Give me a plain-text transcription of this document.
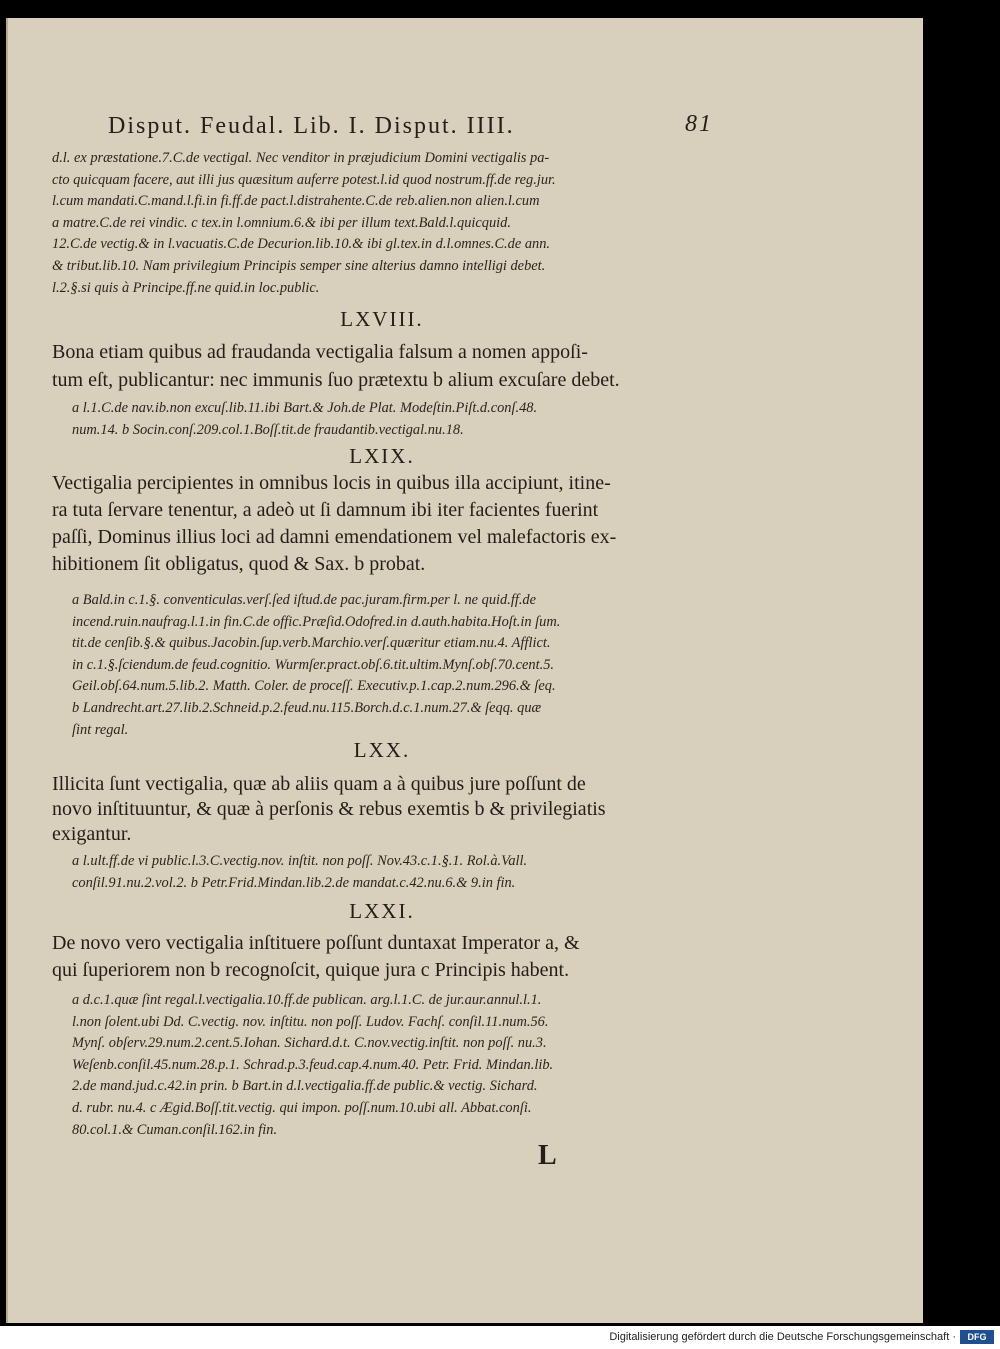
Disput. Feudal. Lib. I. Disput. IIII.	81
d.l. ex præstatione.7.C.de vectigal. Nec venditor in præjudicium Domini vectigalis pa-
cto quicquam facere, aut illi jus quæsitum auferre potest.l.id quod nostrum.ff.de reg.jur.
l.cum mandati.C.mand.l.fi.in fi.ff.de pact.l.distrahente.C.de reb.alien.non alien.l.cum
a matre.C.de rei vindic. c tex.in l.omnium.6.& ibi per illum text.Bald.l.quicquid.
12.C.de vectig.& in l.vacuatis.C.de Decurion.lib.10.& ibi gl.tex.in d.l.omnes.C.de ann.
& tribut.lib.10. Nam privilegium Principis semper sine alterius damno intelligi debet.
l.2.§.si quis à Principe.ff.ne quid.in loc.public.
LXVIII.
Bona etiam quibus ad fraudanda vectigalia falsum a nomen appoſi-
tum eſt, publicantur: nec immunis ſuo prætextu b alium excuſare debet.
a l.1.C.de nav.ib.non excuſ.lib.11.ibi Bart.& Joh.de Plat. Modeſtin.Piſt.d.conſ.48.
num.14. b Socin.conſ.209.col.1.Boſſ.tit.de fraudantib.vectigal.nu.18.
LXIX.
Vectigalia percipientes in omnibus locis in quibus illa accipiunt, itine-
ra tuta ſervare tenentur, a adeò ut ſi damnum ibi iter facientes fuerint
paſſi, Dominus illius loci ad damni emendationem vel malefactoris ex-
hibitionem ſit obligatus, quod & Sax. b probat.
a Bald.in c.1.§. conventiculas.verſ.ſed iſtud.de pac.juram.firm.per l. ne quid.ff.de
incend.ruin.naufrag.l.1.in fin.C.de offic.Præſid.Odofred.in d.auth.habita.Hoſt.in ſum.
tit.de cenſib.§.& quibus.Jacobin.ſup.verb.Marchio.verſ.quæritur etiam.nu.4. Afflict.
in c.1.§.ſciendum.de feud.cognitio. Wurmſer.pract.obſ.6.tit.ultim.Mynſ.obſ.70.cent.5.
Geil.obſ.64.num.5.lib.2. Matth. Coler. de proceſſ. Executiv.p.1.cap.2.num.296.& ſeq.
b Landrecht.art.27.lib.2.Schneid.p.2.feud.nu.115.Borch.d.c.1.num.27.& ſeqq. quæ
ſint regal.
LXX.
Illicita ſunt vectigalia, quæ ab aliis quam a à quibus jure poſſunt de
novo inſtituuntur, & quæ à perſonis & rebus exemtis b & privilegiatis
exigantur.
a l.ult.ff.de vi public.l.3.C.vectig.nov. inſtit. non poſſ. Nov.43.c.1.§.1. Rol.à.Vall.
conſil.91.nu.2.vol.2. b Petr.Frid.Mindan.lib.2.de mandat.c.42.nu.6.& 9.in fin.
LXXI.
De novo vero vectigalia inſtituere poſſunt duntaxat Imperator a, &
qui ſuperiorem non b recognoſcit, quique jura c Principis habent.
a d.c.1.quæ ſint regal.l.vectigalia.10.ff.de publican. arg.l.1.C. de jur.aur.annul.l.1.
l.non ſolent.ubi Dd. C.vectig. nov. inſtitu. non poſſ. Ludov. Fachſ. conſil.11.num.56.
Mynſ. obſerv.29.num.2.cent.5.Iohan. Sichard.d.t. C.nov.vectig.inſtit. non poſſ. nu.3.
Weſenb.conſil.45.num.28.p.1. Schrad.p.3.feud.cap.4.num.40. Petr. Frid. Mindan.lib.
2.de mand.jud.c.42.in prin. b Bart.in d.l.vectigalia.ff.de public.& vectig. Sichard.
d. rubr. nu.4. c Ægid.Boſſ.tit.vectig. qui impon. poſſ.num.10.ubi all. Abbat.conſi.
80.col.1.& Cuman.conſil.162.in fin.
L
Digitalisierung gefördert durch die Deutsche Forschungsgemeinschaft ·	DFG
